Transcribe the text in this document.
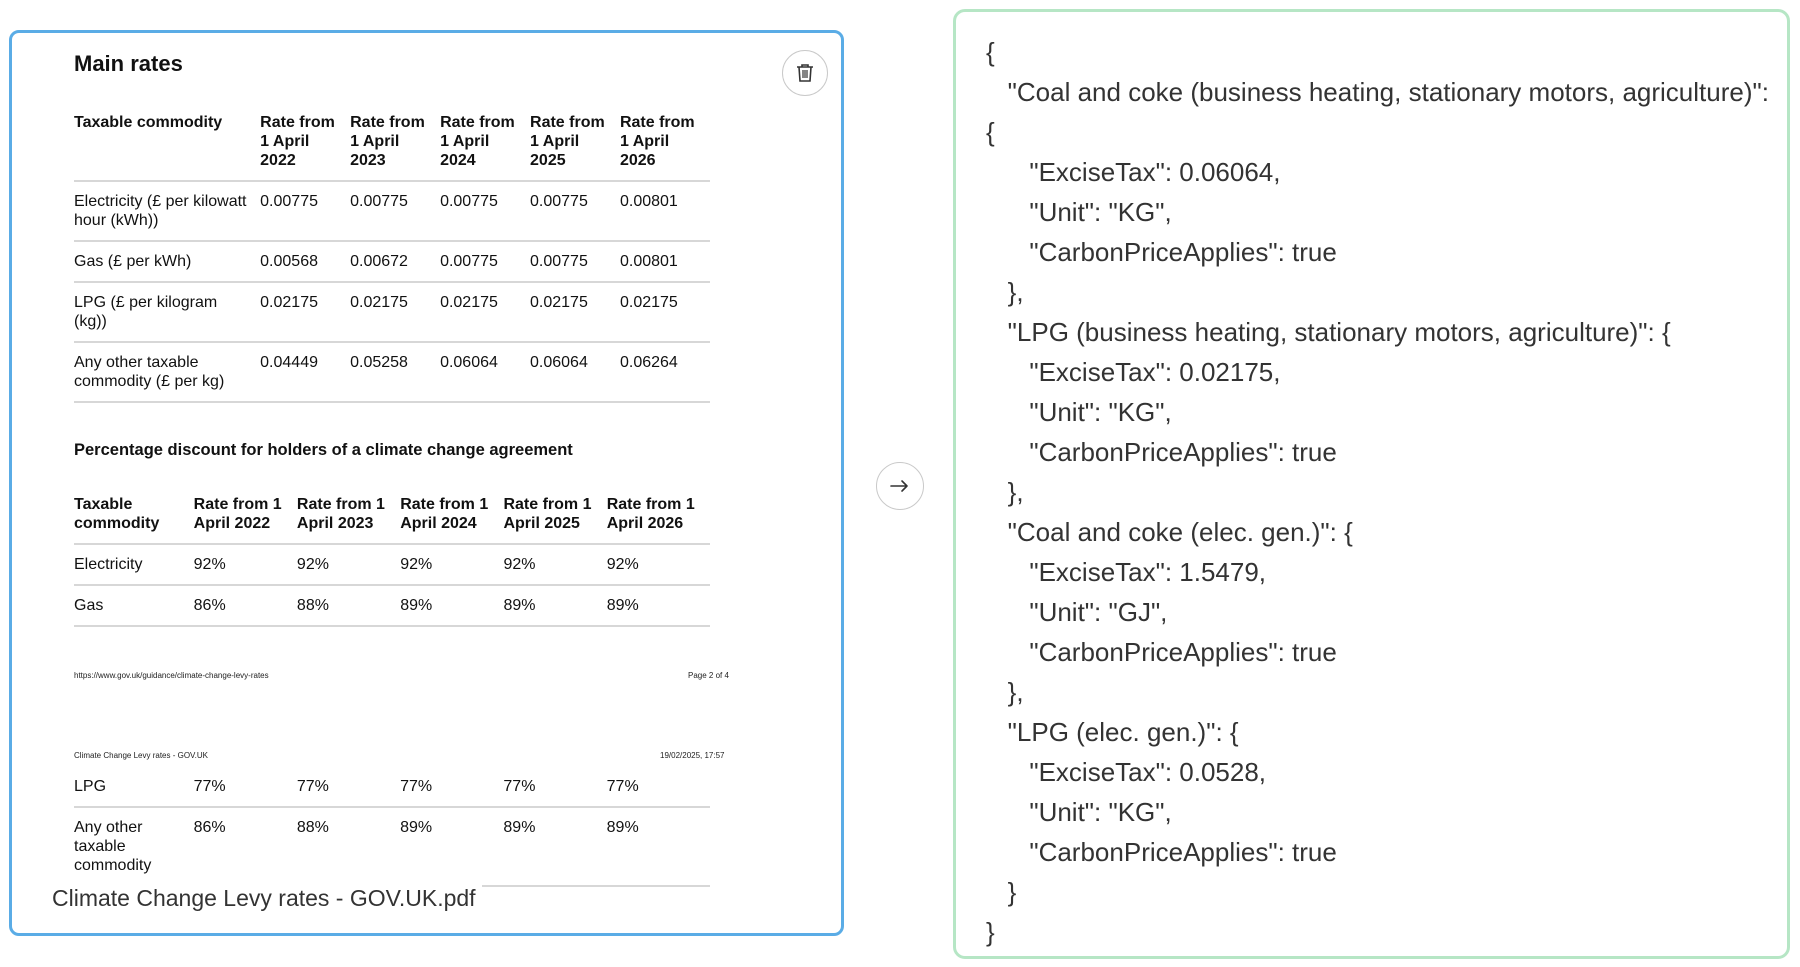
Main rates
Taxable commodity	Rate from 1 April 2022	Rate from 1 April 2023	Rate from 1 April 2024	Rate from 1 April 2025	Rate from 1 April 2026
Electricity (£ per kilowatt hour (kWh))	0.00775	0.00775	0.00775	0.00775	0.00801
Gas (£ per kWh)	0.00568	0.00672	0.00775	0.00775	0.00801
LPG (£ per kilogram (kg))	0.02175	0.02175	0.02175	0.02175	0.02175
Any other taxable commodity (£ per kg)	0.04449	0.05258	0.06064	0.06064	0.06264
Percentage discount for holders of a climate change agreement
Taxable commodity	Rate from 1 April 2022	Rate from 1 April 2023	Rate from 1 April 2024	Rate from 1 April 2025	Rate from 1 April 2026
Electricity	92%	92%	92%	92%	92%
Gas	86%	88%	89%	89%	89%
https://www.gov.uk/guidance/climate-change-levy-rates	Page 2 of 4
Climate Change Levy rates - GOV.UK	19/02/2025, 17:57
LPG	77%	77%	77%	77%	77%
Any other taxable commodity	86%	88%	89%	89%	89%
Climate Change Levy rates - GOV.UK.pdf
{
"Coal and coke (business heating, stationary motors, agriculture)": {
"ExciseTax": 0.06064,
"Unit": "KG",
"CarbonPriceApplies": true
},
"LPG (business heating, stationary motors, agriculture)": {
"ExciseTax": 0.02175,
"Unit": "KG",
"CarbonPriceApplies": true
},
"Coal and coke (elec. gen.)": {
"ExciseTax": 1.5479,
"Unit": "GJ",
"CarbonPriceApplies": true
},
"LPG (elec. gen.)": {
"ExciseTax": 0.0528,
"Unit": "KG",
"CarbonPriceApplies": true
}
}
